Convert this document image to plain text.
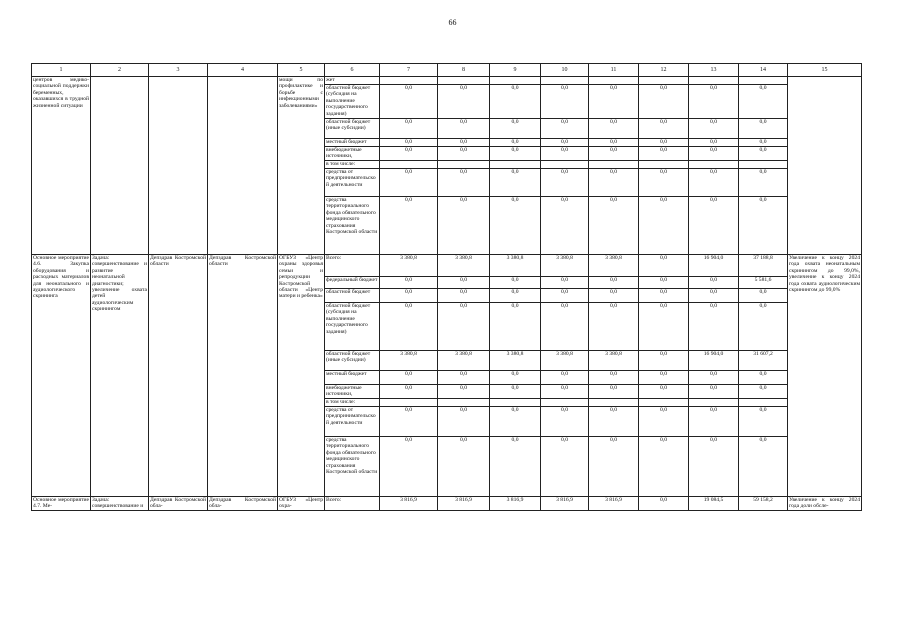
66
1	2	3	4	5	6	7	8	9	10	11	12	13	14	15
центров медико-социальной поддержки беременных, оказавшихся в трудной жизненной ситуации				мощи по профилактике и борьбе с инфекционными заболеваниями»	жет									
					областной бюджет (субсидия на выполнение государственного задания)	0,0	0,0	0,0	0,0	0,0	0,0	0,0	0,0	
					областной бюджет (иные субсидии)	0,0	0,0	0,0	0,0	0,0	0,0	0,0	0,0	
					местный бюджет	0,0	0,0	0,0	0,0	0,0	0,0	0,0	0,0	
					внебюджетные источники,	0,0	0,0	0,0	0,0	0,0	0,0	0,0	0,0	
					в том числе:									
					средства от предпринимательской деятельности	0,0	0,0	0,0	0,0	0,0	0,0	0,0	0,0	
					средства территориального фонда обязательного медицинского страхования Костромской области	0,0	0,0	0,0	0,0	0,0	0,0	0,0	0,0	
Основное мероприятие 4.6. Закупка оборудования и расходных материалов для неонатального и аудиологического скрининга	Задача: совершенствование и развитие неонатальной диагностики; увеличение охвата детей аудиологическим скринингом	Депздрав Костромской области	Депздрав Костромской области	ОГБУЗ «Центр охраны здоровья семьи и репродукции Костромской области «Центр матери и ребенка»	Всего:	3 380,8	3 380,8	3 380,8	3 380,8	3 380,8	0,0	16 904,0	37 188,8	Увеличение к концу 2024 года охвата неонатальным скринингом до 99,0%, увеличение к концу 2024 года охвата аудиологическим скринингом до 99,0%
					федеральный бюджет	0,0	0,0	0,0	0,0	0,0	0,0	0,0	5 581,6	
					областной бюджет	0,0	0,0	0,0	0,0	0,0	0,0	0,0	0,0	
					областной бюджет (субсидия на выполнение государственного задания)	0,0	0,0	0,0	0,0	0,0	0,0	0,0	0,0	
					областной бюджет (иные субсидии)	3 380,8	3 380,8	3 380,8	3 380,8	3 380,8	0,0	16 904,0	31 607,2	
					местный бюджет	0,0	0,0	0,0	0,0	0,0	0,0	0,0	0,0	
					внебюджетные источники,	0,0	0,0	0,0	0,0	0,0	0,0	0,0	0,0	
					в том числе:									
					средства от предпринимательской деятельности	0,0	0,0	0,0	0,0	0,0	0,0	0,0	0,0	
					средства территориального фонда обязательного медицинского страхования Костромской области	0,0	0,0	0,0	0,0	0,0	0,0	0,0	0,0	
Основное мероприятие 4.7. Ме-	Задача: совершенствование и	Депздрав Костромской обла-	Депздрав Костромской обла-	ОГБУЗ «Центр охра-	Всего:	3 816,9	3 816,9	3 816,9	3 816,9	3 816,9	0,0	19 084,5	59 158,2	Увеличение к концу 2024 года доли обсле-
